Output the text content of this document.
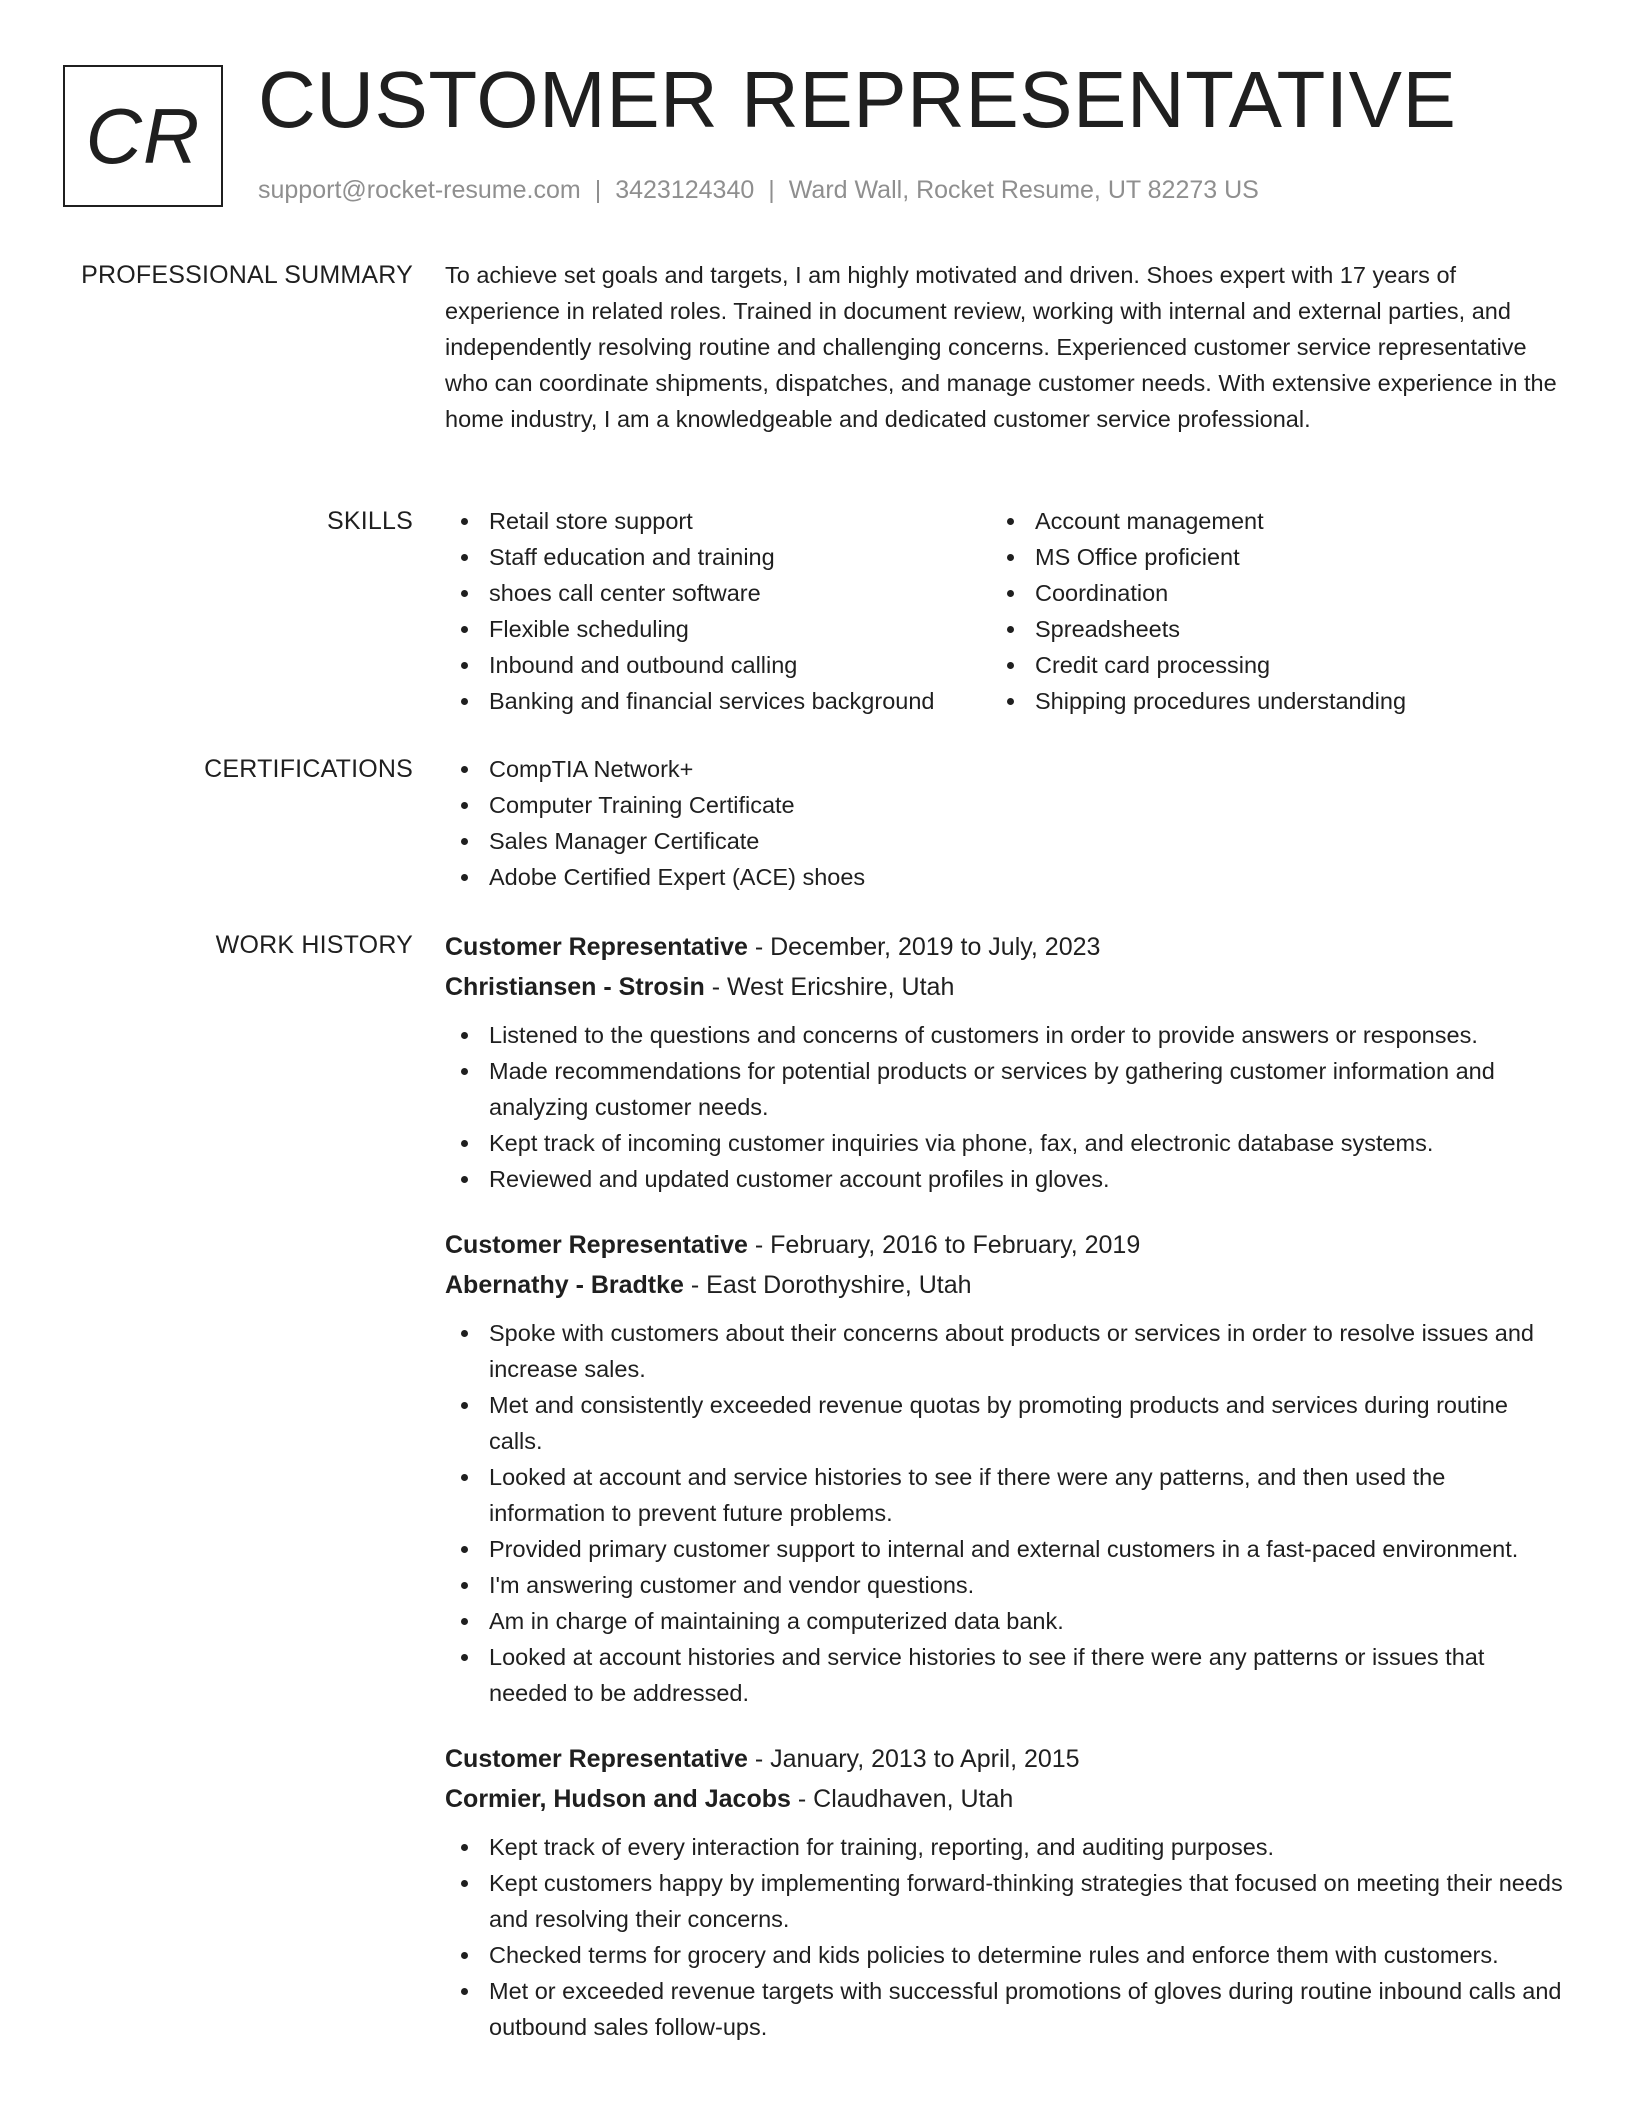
CR CUSTOMER REPRESENTATIVE
support@rocket-resume.com | 3423124340 | Ward Wall, Rocket Resume, UT 82273 US
PROFESSIONAL SUMMARY To achieve set goals and targets, I am highly motivated and driven. Shoes expert with 17 years of experience in related roles. Trained in document review, working with internal and external parties, and independently resolving routine and challenging concerns. Experienced customer service representative who can coordinate shipments, dispatches, and manage customer needs. With extensive experience in the home industry, I am a knowledgeable and dedicated customer service professional.

SKILLS	Retail store support
Staff education and training
shoes call center software
Flexible scheduling
Inbound and outbound calling
Banking and financial services background
Account management
MS Office proficient
Coordination
Spreadsheets
Credit card processing
Shipping procedures understanding
CERTIFICATIONS	CompTIA Network+
Computer Training Certificate
Sales Manager Certificate
Adobe Certified Expert (ACE) shoes
WORK HISTORY Customer Representative - December, 2019 to July, 2023
Christiansen - Strosin - West Ericshire, Utah
Listened to the questions and concerns of customers in order to provide answers or responses.
Made recommendations for potential products or services by gathering customer information and analyzing customer needs.
Kept track of incoming customer inquiries via phone, fax, and electronic database systems.
Reviewed and updated customer account profiles in gloves.
Customer Representative - February, 2016 to February, 2019
Abernathy - Bradtke - East Dorothyshire, Utah
Spoke with customers about their concerns about products or services in order to resolve issues and increase sales.
Met and consistently exceeded revenue quotas by promoting products and services during routine calls.
Looked at account and service histories to see if there were any patterns, and then used the information to prevent future problems.
Provided primary customer support to internal and external customers in a fast-paced environment.
I'm answering customer and vendor questions.
Am in charge of maintaining a computerized data bank.
Looked at account histories and service histories to see if there were any patterns or issues that needed to be addressed.
Customer Representative - January, 2013 to April, 2015
Cormier, Hudson and Jacobs - Claudhaven, Utah
Kept track of every interaction for training, reporting, and auditing purposes.
Kept customers happy by implementing forward-thinking strategies that focused on meeting their needs and resolving their concerns.
Checked terms for grocery and kids policies to determine rules and enforce them with customers.
Met or exceeded revenue targets with successful promotions of gloves during routine inbound calls and outbound sales follow-ups.
